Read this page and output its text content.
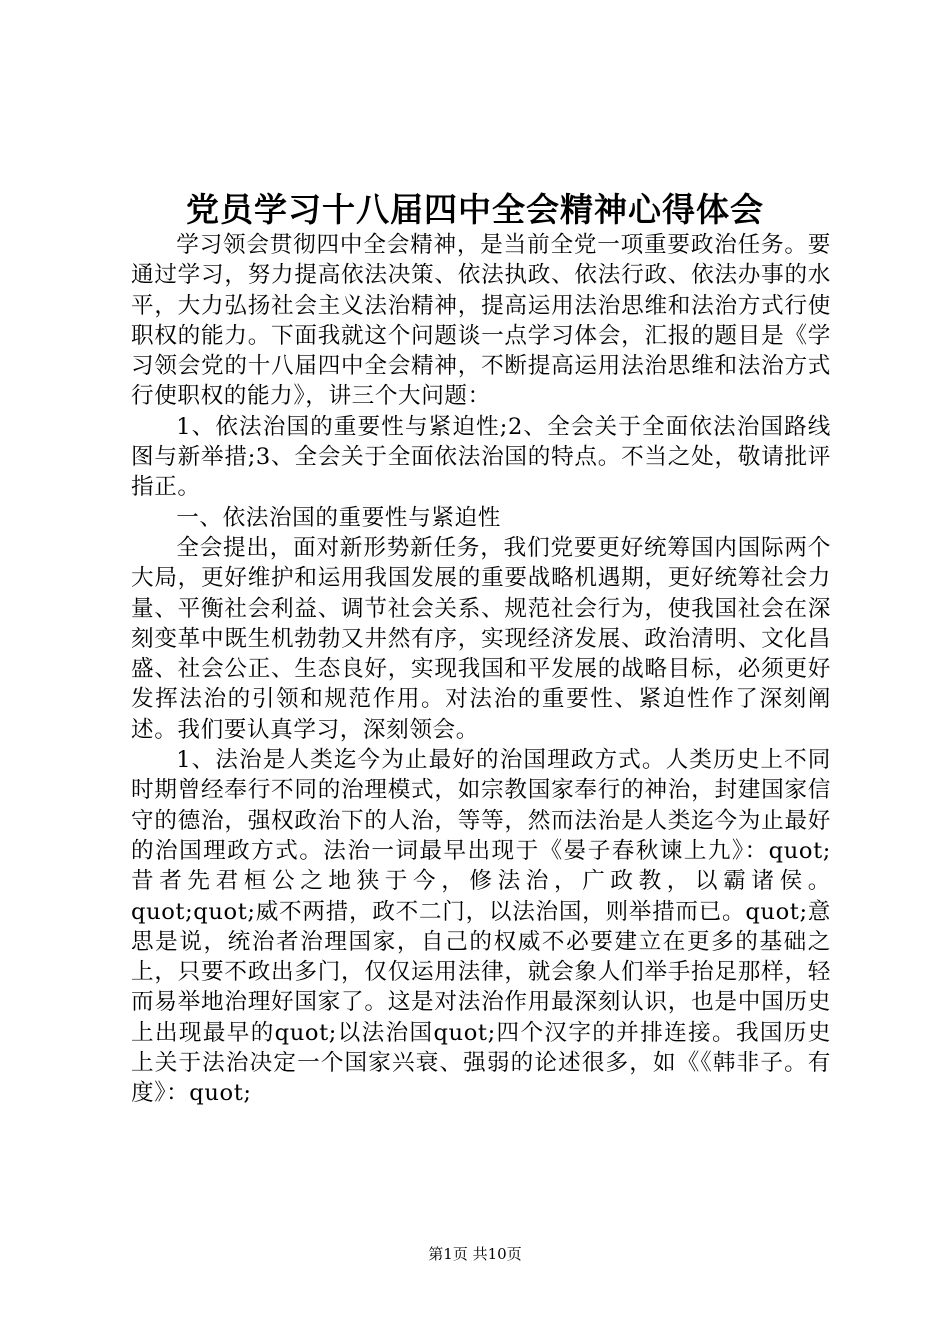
党员学习十八届四中全会精神心得体会

学习领会贯彻四中全会精神，是当前全党一项重要政治任务。要通过学习，努力提高依法决策、依法执政、依法行政、依法办事的水平，大力弘扬社会主义法治精神，提高运用法治思维和法治方式行使职权的能力。下面我就这个问题谈一点学习体会，汇报的题目是《学习领会党的十八届四中全会精神，不断提高运用法治思维和法治方式行使职权的能力》，讲三个大问题：

1、依法治国的重要性与紧迫性;2、全会关于全面依法治国路线图与新举措;3、全会关于全面依法治国的特点。不当之处，敬请批评指正。

一、依法治国的重要性与紧迫性

全会提出，面对新形势新任务，我们党要更好统筹国内国际两个大局，更好维护和运用我国发展的重要战略机遇期，更好统筹社会力量、平衡社会利益、调节社会关系、规范社会行为，使我国社会在深刻变革中既生机勃勃又井然有序，实现经济发展、政治清明、文化昌盛、社会公正、生态良好，实现我国和平发展的战略目标，必须更好发挥法治的引领和规范作用。对法治的重要性、紧迫性作了深刻阐述。我们要认真学习，深刻领会。

1、法治是人类迄今为止最好的治国理政方式。人类历史上不同时期曾经奉行不同的治理模式，如宗教国家奉行的神治，封建国家信守的德治，强权政治下的人治，等等，然而法治是人类迄今为止最好的治国理政方式。法治一词最早出现于《晏子春秋谏上九》：quot;昔者先君桓公之地狭于今，修法治，广政教，以霸诸侯。quot;quot;威不两措，政不二门，以法治国，则举措而已。quot;意思是说，统治者治理国家，自己的权威不必要建立在更多的基础之上，只要不政出多门，仅仅运用法律，就会象人们举手抬足那样，轻而易举地治理好国家了。这是对法治作用最深刻认识，也是中国历史上出现最早的quot;以法治国quot;四个汉字的并排连接。我国历史上关于法治决定一个国家兴衰、强弱的论述很多，如《《韩非子。有度》：quot;

第1页 共10页
